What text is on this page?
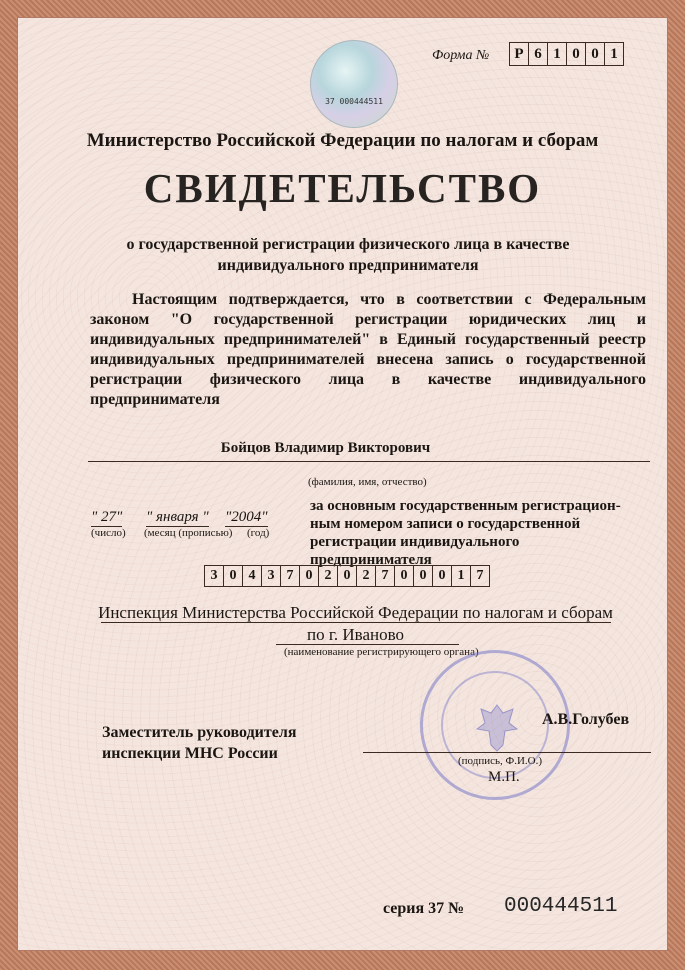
37 000444511
Форма № Р 6 1 0 0 1
Министерство Российской Федерации по налогам и сборам
СВИДЕТЕЛЬСТВО
о государственной регистрации физического лица в качестве индивидуального предпринимателя
Настоящим подтверждается, что в соответствии с Федеральным законом "О государственной регистрации юридических лиц и индивидуальных предпринимателей" в Единый государственный реестр индивидуальных предпринимателей внесена запись о государственной регистрации физического лица в качестве индивидуального предпринимателя
Бойцов Владимир Викторович
(фамилия, имя, отчество)
" 27" " января " "2004"
(число) (месяц (прописью) (год)
за основным государственным регистрацион- ным номером записи о государственной регистрации индивидуального предпринимателя
3 0 4 3 7 0 2 0 2 7 0 0 0 1 7
Инспекция Министерства Российской Федерации по налогам и сборам по г. Иваново
(наименование регистрирующего органа)
Заместитель руководителя
инспекции МНС России
А.В.Голубев
(подпись, Ф.И.О.)
М.П.
серия 37 № 000444511
